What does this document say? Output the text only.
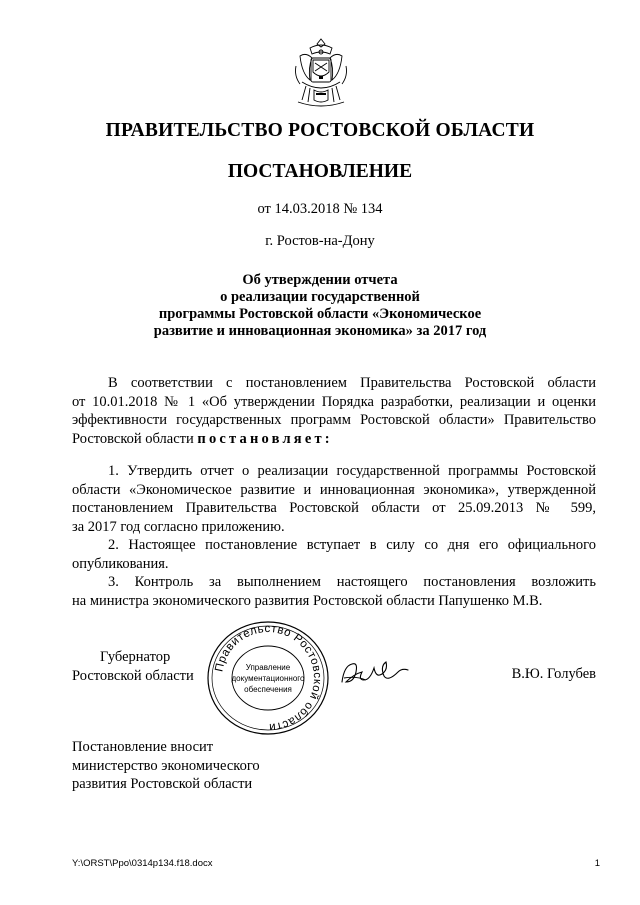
ПРАВИТЕЛЬСТВО РОСТОВСКОЙ ОБЛАСТИ
ПОСТАНОВЛЕНИЕ
от 14.03.2018 № 134
г. Ростов-на-Дону
Об утверждении отчета
о реализации государственной
программы Ростовской области «Экономическое
развитие и инновационная экономика» за 2017 год
В соответствии с постановлением Правительства Ростовской области
от 10.01.2018 № 1 «Об утверждении Порядка разработки, реализации и оценки
эффективности государственных программ Ростовской области» Правительство
Ростовской области постановляет:
1. Утвердить отчет о реализации государственной программы Ростовской
области «Экономическое развитие и инновационная экономика», утвержденной
постановлением Правительства Ростовской области от 25.09.2013 № 599,
за 2017 год согласно приложению.
2. Настоящее постановление вступает в силу со дня его официального
опубликования.
3. Контроль за выполнением настоящего постановления возложить
на министра экономического развития Ростовской области Папушенко М.В.
Губернатор
Ростовской области
Правительство Ростовской области
Управление
документационного
обеспечения
В.Ю. Голубев
Постановление вносит
министерство экономического
развития Ростовской области
Y:\ORST\Ppo\0314p134.f18.docx	1
